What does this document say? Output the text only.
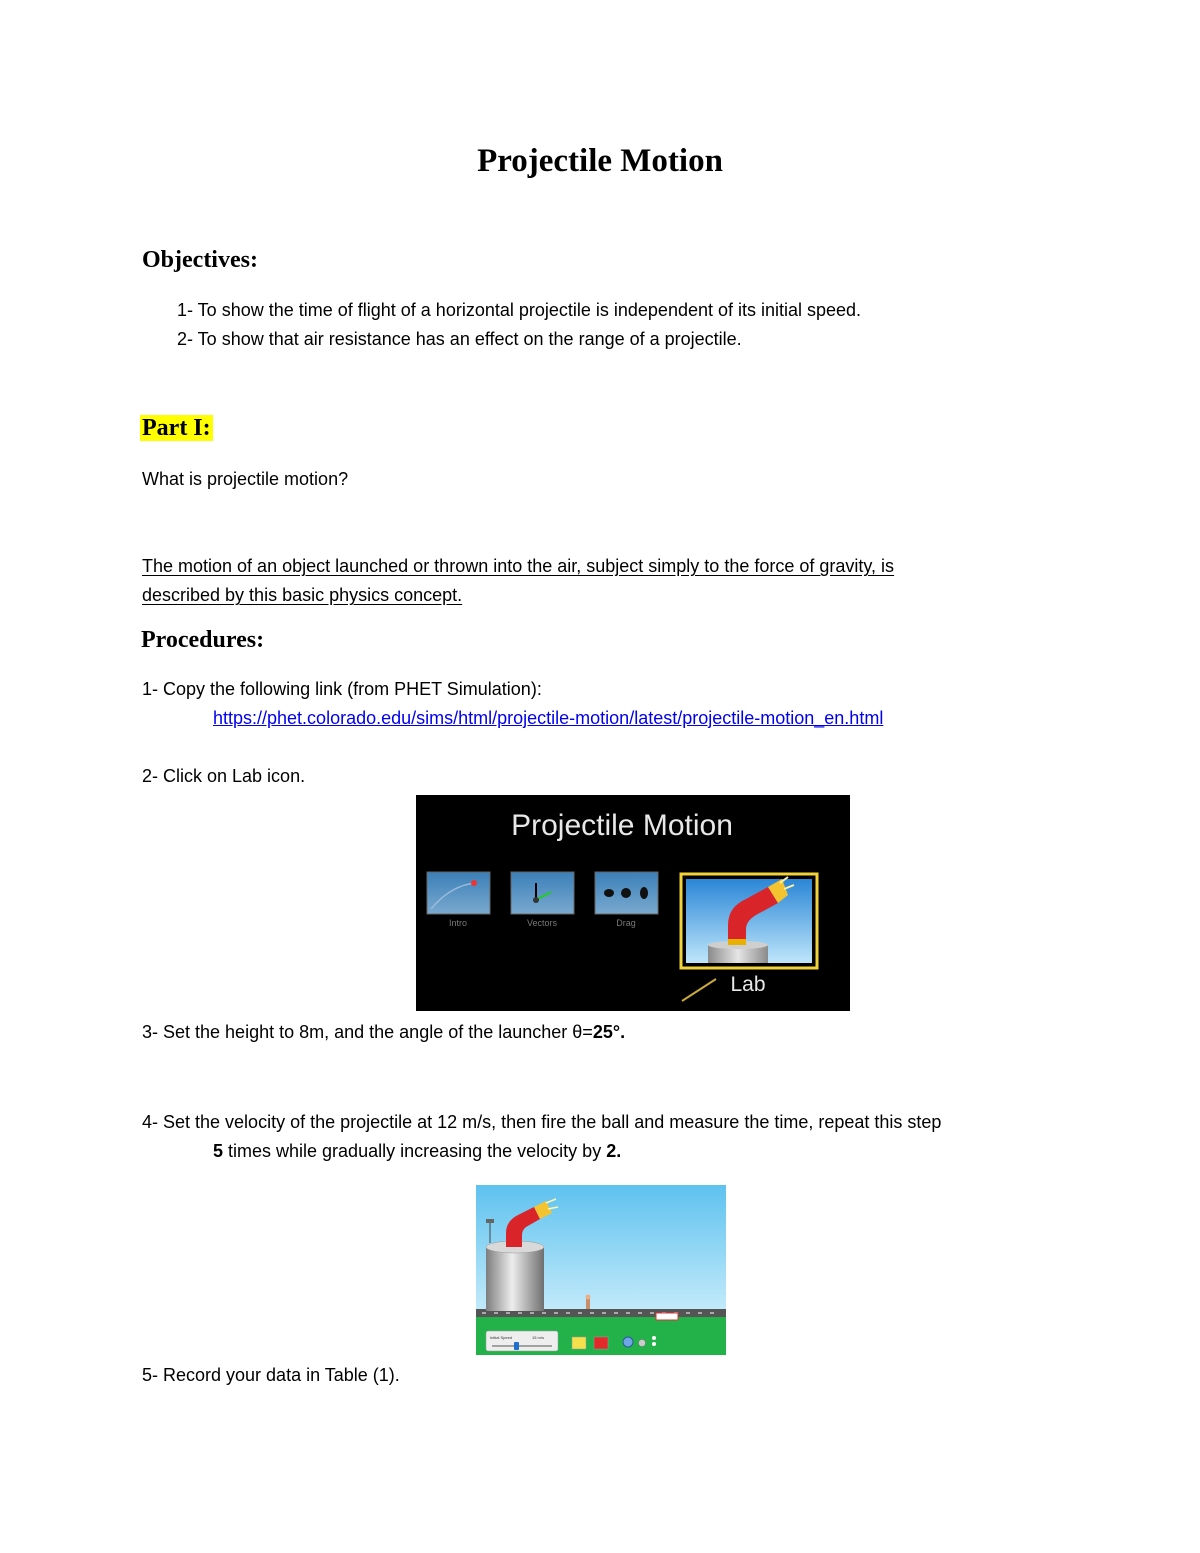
Projectile Motion
Objectives:
1- To show the time of flight of a horizontal projectile is independent of its initial speed.
2- To show that air resistance has an effect on the range of a projectile.
Part I:
What is projectile motion?
The motion of an object launched or thrown into the air, subject simply to the force of gravity, is
described by this basic physics concept.
Procedures:
1- Copy the following link (from PHET Simulation):
https://phet.colorado.edu/sims/html/projectile-motion/latest/projectile-motion_en.html
2- Click on Lab icon.
Projectile Motion
Intro	Vectors	Drag
Lab
3- Set the height to 8m, and the angle of the launcher θ=25°.
4- Set the velocity of the projectile at 12 m/s, then fire the ball and measure the time, repeat this step
5 times while gradually increasing the velocity by 2.
Initial Speed	15 m/s
5- Record your data in Table (1).
